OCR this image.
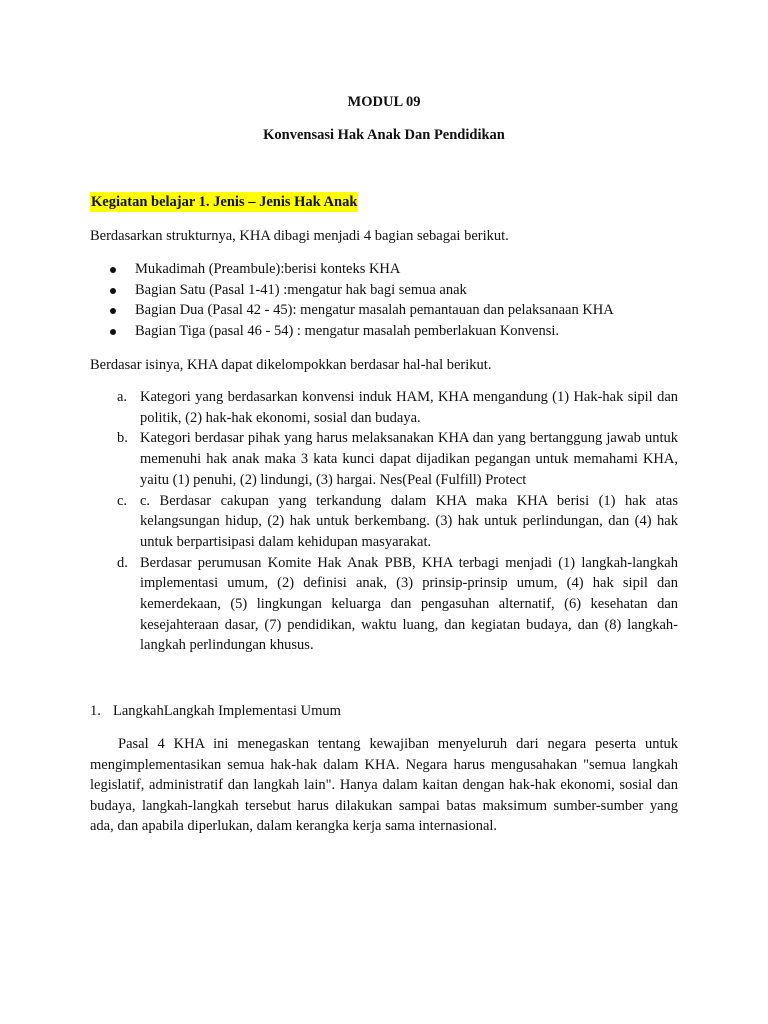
MODUL 09
Konvensasi Hak Anak Dan Pendidikan
Kegiatan belajar 1. Jenis – Jenis Hak Anak
Berdasarkan strukturnya, KHA dibagi menjadi 4 bagian sebagai berikut.
Mukadimah (Preambule):berisi konteks KHA
Bagian Satu (Pasal 1-41) :mengatur hak bagi semua anak
Bagian Dua (Pasal 42 - 45): mengatur masalah pemantauan dan pelaksanaan KHA
Bagian Tiga (pasal 46 - 54) : mengatur masalah pemberlakuan Konvensi.
Berdasar isinya, KHA dapat dikelompokkan berdasar hal-hal berikut.
a. Kategori yang berdasarkan konvensi induk HAM, KHA mengandung (1) Hak-hak sipil dan politik, (2) hak-hak ekonomi, sosial dan budaya.
b. Kategori berdasar pihak yang harus melaksanakan KHA dan yang bertanggung jawab untuk memenuhi hak anak maka 3 kata kunci dapat dijadikan pegangan untuk memahami KHA, yaitu (1) penuhi, (2) lindungi, (3) hargai. Nes(Peal (Fulfill) Protect
c. c. Berdasar cakupan yang terkandung dalam KHA maka KHA berisi (1) hak atas kelangsungan hidup, (2) hak untuk berkembang. (3) hak untuk perlindungan, dan (4) hak untuk berpartisipasi dalam kehidupan masyarakat.
d. Berdasar perumusan Komite Hak Anak PBB, KHA terbagi menjadi (1) langkah-langkah implementasi umum, (2) definisi anak, (3) prinsip-prinsip umum, (4) hak sipil dan kemerdekaan, (5) lingkungan keluarga dan pengasuhan alternatif, (6) kesehatan dan kesejahteraan dasar, (7) pendidikan, waktu luang, dan kegiatan budaya, dan (8) langkah-langkah perlindungan khusus.
1. LangkahLangkah Implementasi Umum
Pasal 4 KHA ini menegaskan tentang kewajiban menyeluruh dari negara peserta untuk mengimplementasikan semua hak-hak dalam KHA. Negara harus mengusahakan "semua langkah legislatif, administratif dan langkah lain". Hanya dalam kaitan dengan hak-hak ekonomi, sosial dan budaya, langkah-langkah tersebut harus dilakukan sampai batas maksimum sumber-sumber yang ada, dan apabila diperlukan, dalam kerangka kerja sama internasional.
